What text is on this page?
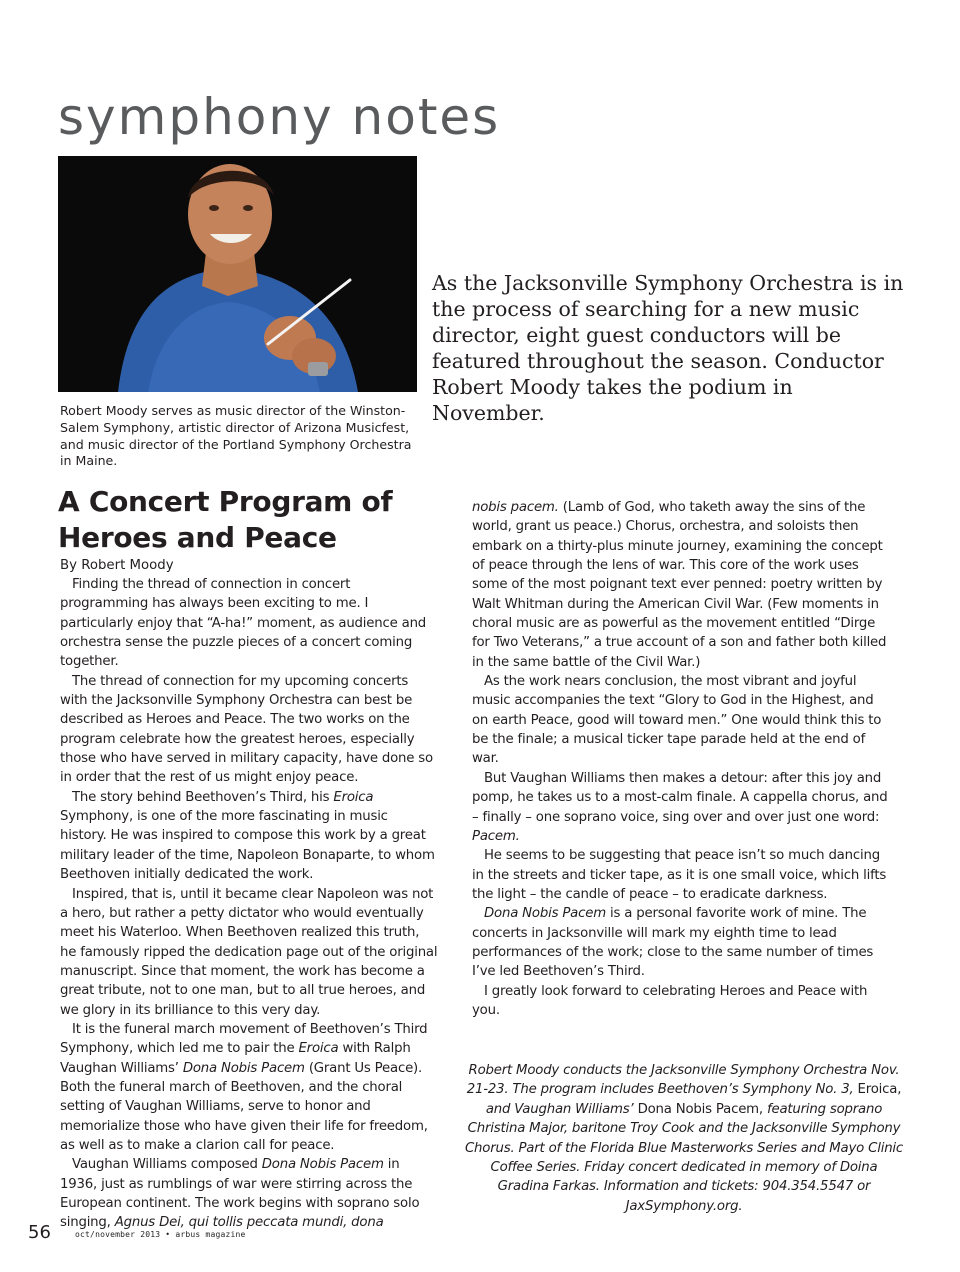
symphony notes

Robert Moody serves as music director of the Winston-Salem Symphony, artistic director of Arizona Musicfest, and music director of the Portland Symphony Orchestra in Maine.

As the Jacksonville Symphony Orchestra is in the process of searching for a new music director, eight guest conductors will be featured throughout the season. Conductor Robert Moody takes the podium in November.

A Concert Program of Heroes and Peace

By Robert Moody

Finding the thread of connection in concert programming has always been exciting to me. I particularly enjoy that “A-ha!” moment, as audience and orchestra sense the puzzle pieces of a concert coming together.

The thread of connection for my upcoming concerts with the Jacksonville Symphony Orchestra can best be described as Heroes and Peace. The two works on the program celebrate how the greatest heroes, especially those who have served in military capacity, have done so in order that the rest of us might enjoy peace.

The story behind Beethoven’s Third, his Eroica Symphony, is one of the more fascinating in music history. He was inspired to compose this work by a great military leader of the time, Napoleon Bonaparte, to whom Beethoven initially dedicated the work.

Inspired, that is, until it became clear Napoleon was not a hero, but rather a petty dictator who would eventually meet his Waterloo. When Beethoven realized this truth, he famously ripped the dedication page out of the original manuscript. Since that moment, the work has become a great tribute, not to one man, but to all true heroes, and we glory in its brilliance to this very day.

It is the funeral march movement of Beethoven’s Third Symphony, which led me to pair the Eroica with Ralph Vaughan Williams’ Dona Nobis Pacem (Grant Us Peace). Both the funeral march of Beethoven, and the choral setting of Vaughan Williams, serve to honor and memorialize those who have given their life for freedom, as well as to make a clarion call for peace.

Vaughan Williams composed Dona Nobis Pacem in 1936, just as rumblings of war were stirring across the European continent. The work begins with soprano solo singing, Agnus Dei, qui tollis peccata mundi, dona

nobis pacem. (Lamb of God, who taketh away the sins of the world, grant us peace.) Chorus, orchestra, and soloists then embark on a thirty-plus minute journey, examining the concept of peace through the lens of war. This core of the work uses some of the most poignant text ever penned: poetry written by Walt Whitman during the American Civil War. (Few moments in choral music are as powerful as the movement entitled “Dirge for Two Veterans,” a true account of a son and father both killed in the same battle of the Civil War.)

As the work nears conclusion, the most vibrant and joyful music accompanies the text “Glory to God in the Highest, and on earth Peace, good will toward men.” One would think this to be the finale; a musical ticker tape parade held at the end of war.

But Vaughan Williams then makes a detour: after this joy and pomp, he takes us to a most-calm finale. A cappella chorus, and – finally – one soprano voice, sing over and over just one word: Pacem.

He seems to be suggesting that peace isn’t so much dancing in the streets and ticker tape, as it is one small voice, which lifts the light – the candle of peace – to eradicate darkness.

Dona Nobis Pacem is a personal favorite work of mine. The concerts in Jacksonville will mark my eighth time to lead performances of the work; close to the same number of times I’ve led Beethoven’s Third.

I greatly look forward to celebrating Heroes and Peace with you.

Robert Moody conducts the Jacksonville Symphony Orchestra Nov. 21-23. The program includes Beethoven’s Symphony No. 3, Eroica, and Vaughan Williams’ Dona Nobis Pacem, featuring soprano Christina Major, baritone Troy Cook and the Jacksonville Symphony Chorus. Part of the Florida Blue Masterworks Series and Mayo Clinic Coffee Series. Friday concert dedicated in memory of Doina Gradina Farkas. Information and tickets: 904.354.5547 or JaxSymphony.org.

56	oct/november 2013 • arbus magazine
